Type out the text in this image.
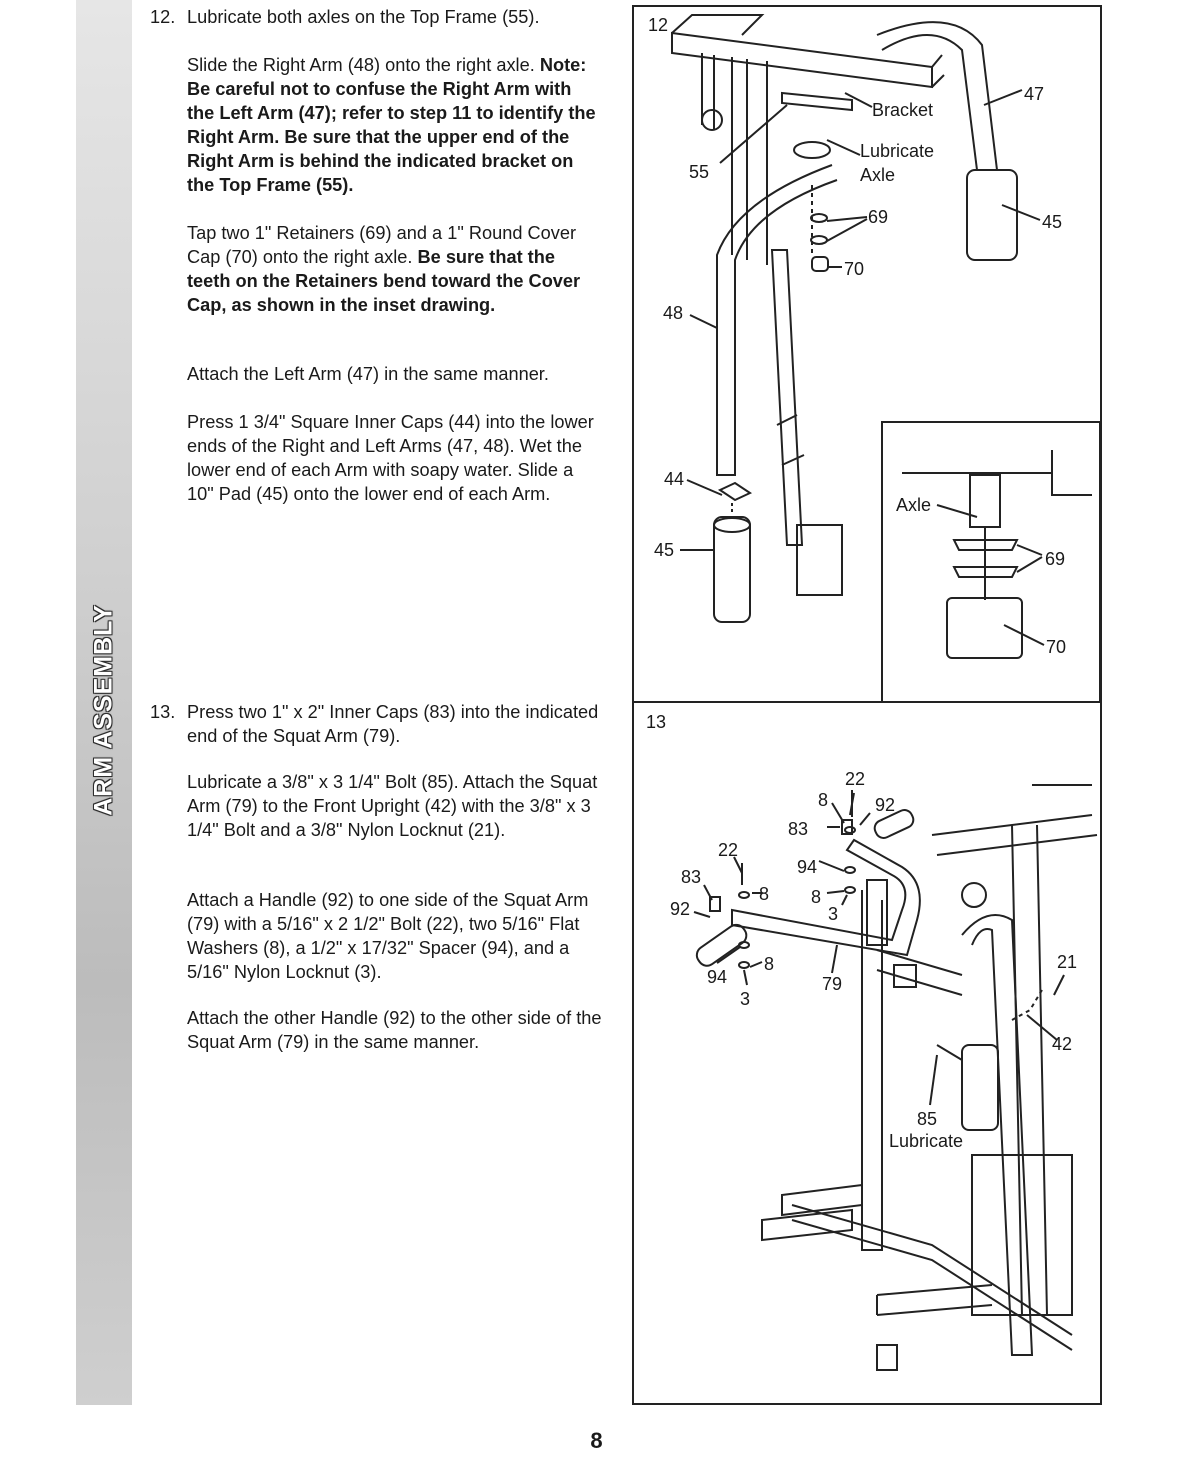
ARM ASSEMBLY
12. Lubricate both axles on the Top Frame (55).

Slide the Right Arm (48) onto the right axle. Note: Be careful not to confuse the Right Arm with the Left Arm (47); refer to step 11 to identify the Right Arm. Be sure that the upper end of the Right Arm is behind the indicated bracket on the Top Frame (55).

Tap two 1" Retainers (69) and a 1" Round Cover Cap (70) onto the right axle. Be sure that the teeth on the Retainers bend toward the Cover Cap, as shown in the inset drawing.

Attach the Left Arm (47) in the same manner.

Press 1 3/4" Square Inner Caps (44) into the lower ends of the Right and Left Arms (47, 48). Wet the lower end of each Arm with soapy water. Slide a 10" Pad (45) onto the lower end of each Arm.

13. Press two 1" x 2" Inner Caps (83) into the indicated end of the Squat Arm (79).

Lubricate a 3/8" x 3 1/4" Bolt (85). Attach the Squat Arm (79) to the Front Upright (42) with the 3/8" x 3 1/4" Bolt and a 3/8" Nylon Locknut (21).

Attach a Handle (92) to one side of the Squat Arm (79) with a 5/16" x 2 1/2" Bolt (22), two 5/16" Flat Washers (8), a 1/2" x 17/32" Spacer (94), and a 5/16" Nylon Locknut (3).

Attach the other Handle (92) to the other side of the Squat Arm (79) in the same manner.

12
Bracket
Lubricate
Axle
55
47
45
69
70
48
44
45
Axle
69
70
13
22
8	92
83
22
94
83
8 8
3
92
94
8
79
3
21
42
85
Lubricate
8
